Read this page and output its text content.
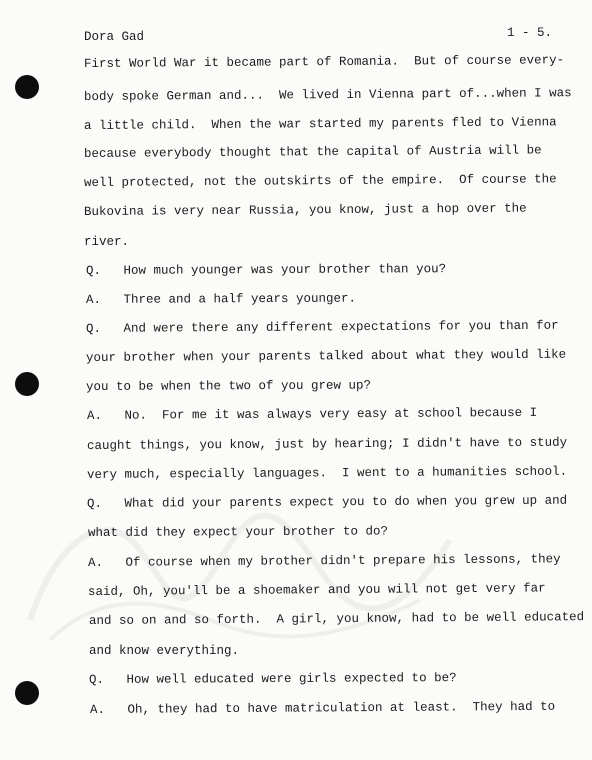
Dora Gad	1 - 5.
First World War it became part of Romania.  But of course every-
body spoke German and...  We lived in Vienna part of...when I was
a little child.  When the war started my parents fled to Vienna
because everybody thought that the capital of Austria will be
well protected, not the outskirts of the empire.  Of course the
Bukovina is very near Russia, you know, just a hop over the
river.
Q.   How much younger was your brother than you?
A.   Three and a half years younger.
Q.   And were there any different expectations for you than for
your brother when your parents talked about what they would like
you to be when the two of you grew up?
A.   No.  For me it was always very easy at school because I
caught things, you know, just by hearing; I didn't have to study
very much, especially languages.  I went to a humanities school.
Q.   What did your parents expect you to do when you grew up and
what did they expect your brother to do?
A.   Of course when my brother didn't prepare his lessons, they
said, Oh, you'll be a shoemaker and you will not get very far
and so on and so forth.  A girl, you know, had to be well educated
and know everything.
Q.   How well educated were girls expected to be?
A.   Oh, they had to have matriculation at least.  They had to
